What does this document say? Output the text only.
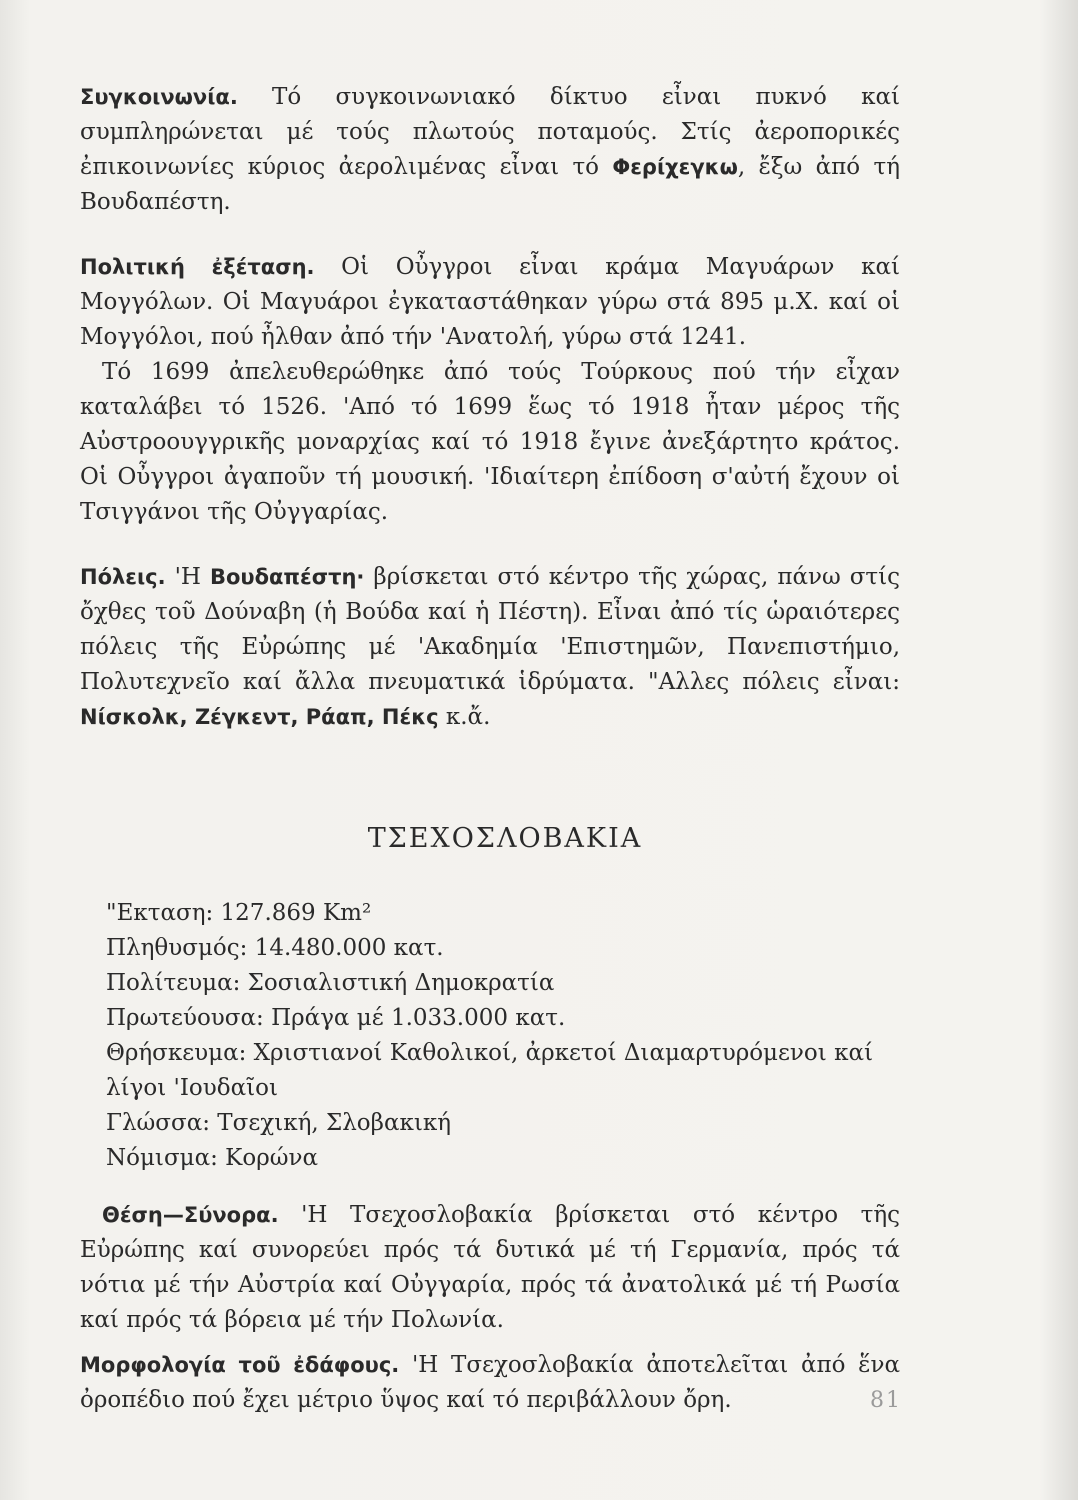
Συγκοινωνία. Τό συγκοινωνιακό δίκτυο εἶναι πυκνό καί συμπληρώνεται μέ τούς πλωτούς ποταμούς. Στίς ἀεροπορικές ἐπικοινωνίες κύριος ἀερολιμένας εἶναι τό Φερίχεγκω, ἔξω ἀπό τή Βουδαπέστη.

Πολιτική ἐξέταση. Οἱ Οὖγγροι εἶναι κράμα Μαγυάρων καί Μογγόλων. Οἱ Μαγυάροι ἐγκαταστάθηκαν γύρω στά 895 μ.Χ. καί οἱ Μογγόλοι, πού ἦλθαν ἀπό τήν 'Ανατολή, γύρω στά 1241.

Τό 1699 ἀπελευθερώθηκε ἀπό τούς Τούρκους πού τήν εἶχαν καταλάβει τό 1526. 'Από τό 1699 ἕως τό 1918 ἦταν μέρος τῆς Αὐστροουγγρικῆς μοναρχίας καί τό 1918 ἔγινε ἀνεξάρτητο κράτος. Οἱ Οὖγγροι ἀγαποῦν τή μουσική. 'Ιδιαίτερη ἐπίδοση σ'αὐτή ἔχουν οἱ Τσιγγάνοι τῆς Οὐγγαρίας.

Πόλεις. 'Η Βουδαπέστη· βρίσκεται στό κέντρο τῆς χώρας, πάνω στίς ὄχθες τοῦ Δούναβη (ἡ Βούδα καί ἡ Πέστη). Εἶναι ἀπό τίς ὡραιότερες πόλεις τῆς Εὐρώπης μέ 'Ακαδημία 'Επιστημῶν, Πανεπιστήμιο, Πολυτεχνεῖο καί ἄλλα πνευματικά ἱδρύματα. "Αλλες πόλεις εἶναι: Νίσκολκ, Ζέγκεντ, Ράαπ, Πέκς κ.ἄ.

ΤΣΕΧΟΣΛΟΒΑΚΙΑ

"Εκταση: 127.869 Km²

Πληθυσμός: 14.480.000 κατ.

Πολίτευμα: Σοσιαλιστική Δημοκρατία

Πρωτεύουσα: Πράγα μέ 1.033.000 κατ.

Θρήσκευμα: Χριστιανοί Καθολικοί, ἀρκετοί Διαμαρτυρόμενοι καί λίγοι 'Ιουδαῖοι

Γλώσσα: Τσεχική, Σλοβακική

Νόμισμα: Κορώνα

Θέση—Σύνορα. 'Η Τσεχοσλοβακία βρίσκεται στό κέντρο τῆς Εὐρώπης καί συνορεύει πρός τά δυτικά μέ τή Γερμανία, πρός τά νότια μέ τήν Αὐστρία καί Οὐγγαρία, πρός τά ἀνατολικά μέ τή Ρωσία καί πρός τά βόρεια μέ τήν Πολωνία.

Μορφολογία τοῦ ἐδάφους. 'Η Τσεχοσλοβακία ἀποτελεῖται ἀπό ἕνα ὀροπέδιο πού ἔχει μέτριο ὕψος καί τό περιβάλλουν ὄρη.	81
